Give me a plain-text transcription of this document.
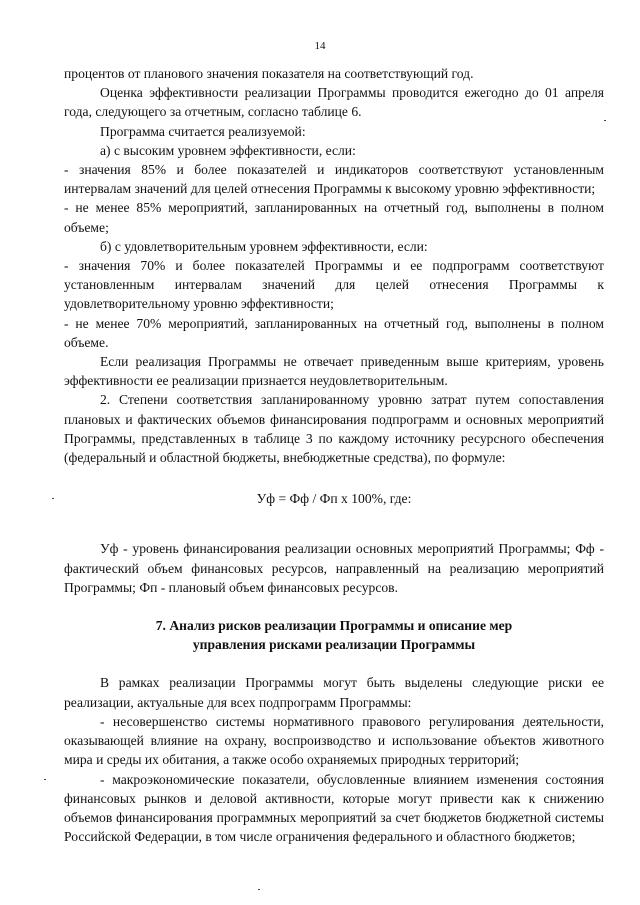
14

процентов от планового значения показателя на соответствующий год.

Оценка эффективности реализации Программы проводится ежегодно до 01 апреля года, следующего за отчетным, согласно таблице 6.

Программа считается реализуемой:

а) с высоким уровнем эффективности, если:

- значения 85% и более показателей и индикаторов соответствуют установленным интервалам значений для целей отнесения Программы к высокому уровню эффективности;

- не менее 85% мероприятий, запланированных на отчетный год, выполнены в полном объеме;

б) с удовлетворительным уровнем эффективности, если:

- значения 70% и более показателей Программы и ее подпрограмм соответствуют установленным интервалам значений для целей отнесения Программы к удовлетворительному уровню эффективности;

- не менее 70% мероприятий, запланированных на отчетный год, выполнены в полном объеме.

Если реализация Программы не отвечает приведенным выше критериям, уровень эффективности ее реализации признается неудовлетворительным.

2. Степени соответствия запланированному уровню затрат путем сопоставления плановых и фактических объемов финансирования подпрограмм и основных мероприятий Программы, представленных в таблице 3 по каждому источнику ресурсного обеспечения (федеральный и областной бюджеты, внебюджетные средства), по формуле:

Уф = Фф / Фп x 100%, где:

Уф - уровень финансирования реализации основных мероприятий Программы; Фф - фактический объем финансовых ресурсов, направленный на реализацию мероприятий Программы; Фп - плановый объем финансовых ресурсов.

7. Анализ рисков реализации Программы и описание мер
управления рисками реализации Программы

В рамках реализации Программы могут быть выделены следующие риски ее реализации, актуальные для всех подпрограмм Программы:

- несовершенство системы нормативного правового регулирования деятельности, оказывающей влияние на охрану, воспроизводство и использование объектов животного мира и среды их обитания, а также особо охраняемых природных территорий;

- макроэкономические показатели, обусловленные влиянием изменения состояния финансовых рынков и деловой активности, которые могут привести как к снижению объемов финансирования программных мероприятий за счет бюджетов бюджетной системы Российской Федерации, в том числе ограничения федерального и областного бюджетов;
